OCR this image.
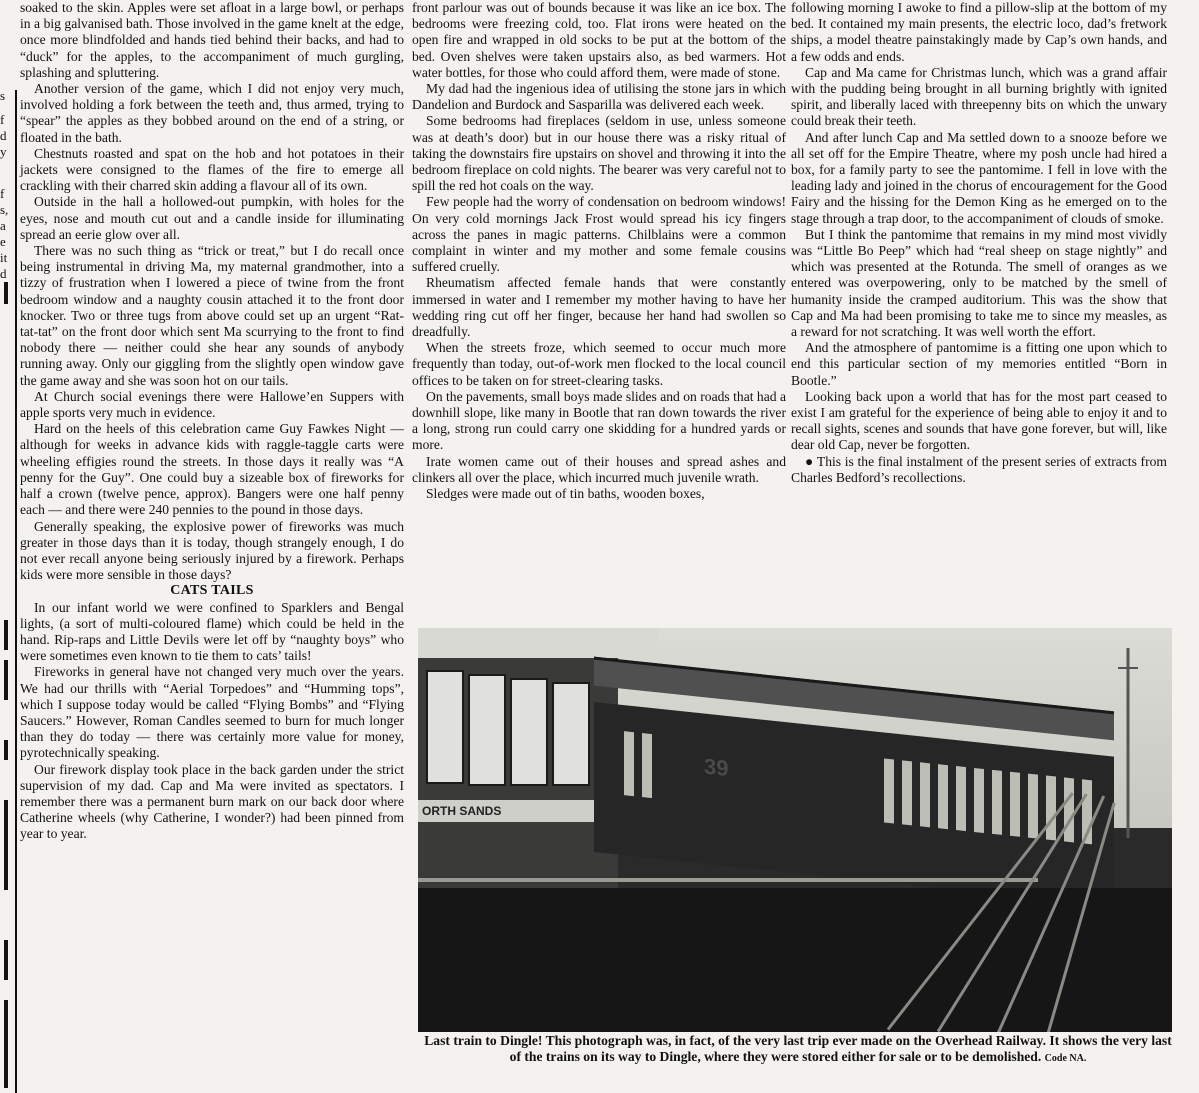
s
f
d
y
f
s,
a
e
it
d

soaked to the skin. Apples were set afloat in a large bowl, or perhaps in a big galvanised bath. Those involved in the game knelt at the edge, once more blindfolded and hands tied behind their backs, and had to “duck” for the apples, to the accompaniment of much gurgling, splashing and spluttering.

Another version of the game, which I did not enjoy very much, involved holding a fork between the teeth and, thus armed, trying to “spear” the apples as they bobbed around on the end of a string, or floated in the bath.

Chestnuts roasted and spat on the hob and hot potatoes in their jackets were consigned to the flames of the fire to emerge all crackling with their charred skin adding a flavour all of its own.

Outside in the hall a hollowed-out pumpkin, with holes for the eyes, nose and mouth cut out and a candle inside for illuminating spread an eerie glow over all.

There was no such thing as “trick or treat,” but I do recall once being instrumental in driving Ma, my maternal grandmother, into a tizzy of frustration when I lowered a piece of twine from the front bedroom window and a naughty cousin attached it to the front door knocker. Two or three tugs from above could set up an urgent “Rat-tat-tat” on the front door which sent Ma scurrying to the front to find nobody there — neither could she hear any sounds of anybody running away. Only our giggling from the slightly open window gave the game away and she was soon hot on our tails.

At Church social evenings there were Hallowe’en Suppers with apple sports very much in evidence.

Hard on the heels of this celebration came Guy Fawkes Night — although for weeks in advance kids with raggle-taggle carts were wheeling effigies round the streets. In those days it really was “A penny for the Guy”. One could buy a sizeable box of fireworks for half a crown (twelve pence, approx). Bangers were one half penny each — and there were 240 pennies to the pound in those days.

Generally speaking, the explosive power of fireworks was much greater in those days than it is today, though strangely enough, I do not ever recall anyone being seriously injured by a firework. Perhaps kids were more sensible in those days?

CATS TAILS

In our infant world we were confined to Sparklers and Bengal lights, (a sort of multi-coloured flame) which could be held in the hand. Rip-raps and Little Devils were let off by “naughty boys” who were sometimes even known to tie them to cats’ tails!

Fireworks in general have not changed very much over the years. We had our thrills with “Aerial Torpedoes” and “Humming tops”, which I suppose today would be called “Flying Bombs” and “Flying Saucers.” However, Roman Candles seemed to burn for much longer than they do today — there was certainly more value for money, pyrotechnically speaking.

Our firework display took place in the back garden under the strict supervision of my dad. Cap and Ma were invited as spectators. I remember there was a permanent burn mark on our back door where Catherine wheels (why Catherine, I wonder?) had been pinned from year to year.

front parlour was out of bounds because it was like an ice box. The bedrooms were freezing cold, too. Flat irons were heated on the open fire and wrapped in old socks to be put at the bottom of the bed. Oven shelves were taken upstairs also, as bed warmers. Hot water bottles, for those who could afford them, were made of stone.

My dad had the ingenious idea of utilising the stone jars in which Dandelion and Burdock and Sasparilla was delivered each week.

Some bedrooms had fireplaces (seldom in use, unless someone was at death’s door) but in our house there was a risky ritual of taking the downstairs fire upstairs on shovel and throwing it into the bedroom fireplace on cold nights. The bearer was very careful not to spill the red hot coals on the way.

Few people had the worry of condensation on bedroom windows! On very cold mornings Jack Frost would spread his icy fingers across the panes in magic patterns. Chilblains were a common complaint in winter and my mother and some female cousins suffered cruelly.

Rheumatism affected female hands that were constantly immersed in water and I remember my mother having to have her wedding ring cut off her finger, because her hand had swollen so dreadfully.

When the streets froze, which seemed to occur much more frequently than today, out-of-work men flocked to the local council offices to be taken on for street-clearing tasks.

On the pavements, small boys made slides and on roads that had a downhill slope, like many in Bootle that ran down towards the river a long, strong run could carry one skidding for a hundred yards or more.

Irate women came out of their houses and spread ashes and clinkers all over the place, which incurred much juvenile wrath.

Sledges were made out of tin baths, wooden boxes,

following morning I awoke to find a pillow-slip at the bottom of my bed. It contained my main presents, the electric loco, dad’s fretwork ships, a model theatre painstakingly made by Cap’s own hands, and a few odds and ends.

Cap and Ma came for Christmas lunch, which was a grand affair with the pudding being brought in all burning brightly with ignited spirit, and liberally laced with threepenny bits on which the unwary could break their teeth.

And after lunch Cap and Ma settled down to a snooze before we all set off for the Empire Theatre, where my posh uncle had hired a box, for a family party to see the pantomime. I fell in love with the leading lady and joined in the chorus of encouragement for the Good Fairy and the hissing for the Demon King as he emerged on to the stage through a trap door, to the accompaniment of clouds of smoke.

But I think the pantomime that remains in my mind most vividly was “Little Bo Peep” which had “real sheep on stage nightly” and which was presented at the Rotunda. The smell of oranges as we entered was overpowering, only to be matched by the smell of humanity inside the cramped auditorium. This was the show that Cap and Ma had been promising to take me to since my measles, as a reward for not scratching. It was well worth the effort.

And the atmosphere of pantomime is a fitting one upon which to end this particular section of my memories entitled “Born in Bootle.”

Looking back upon a world that has for the most part ceased to exist I am grateful for the experience of being able to enjoy it and to recall sights, scenes and sounds that have gone forever, but will, like dear old Cap, never be forgotten.

● This is the final instalment of the present series of extracts from Charles Bedford’s recollections.

ORTH SANDS
39
Last train to Dingle! This photograph was, in fact, of the very last trip ever made on the Overhead Railway. It shows the very last of the trains on its way to Dingle, where they were stored either for sale or to be demolished. Code NA.
